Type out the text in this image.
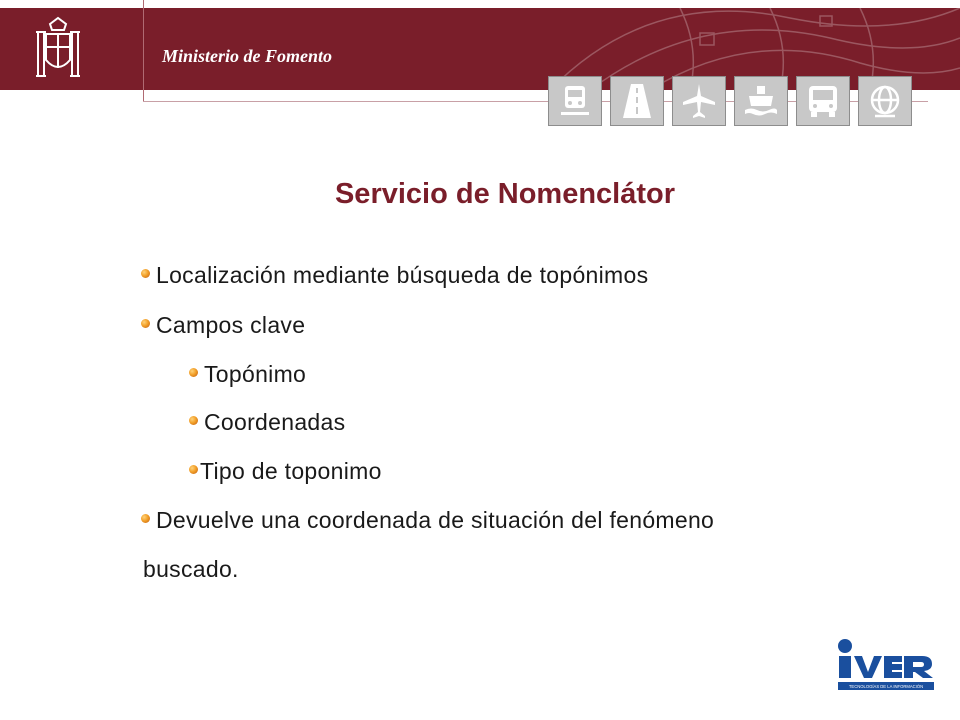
Ministerio de Fomento
Servicio de Nomenclátor
Localización mediante búsqueda de topónimos
Campos clave
Topónimo
Coordenadas
Tipo de toponimo
Devuelve una coordenada de situación del fenómeno
buscado.
TECNOLOGÍAS DE LA INFORMACIÓN
